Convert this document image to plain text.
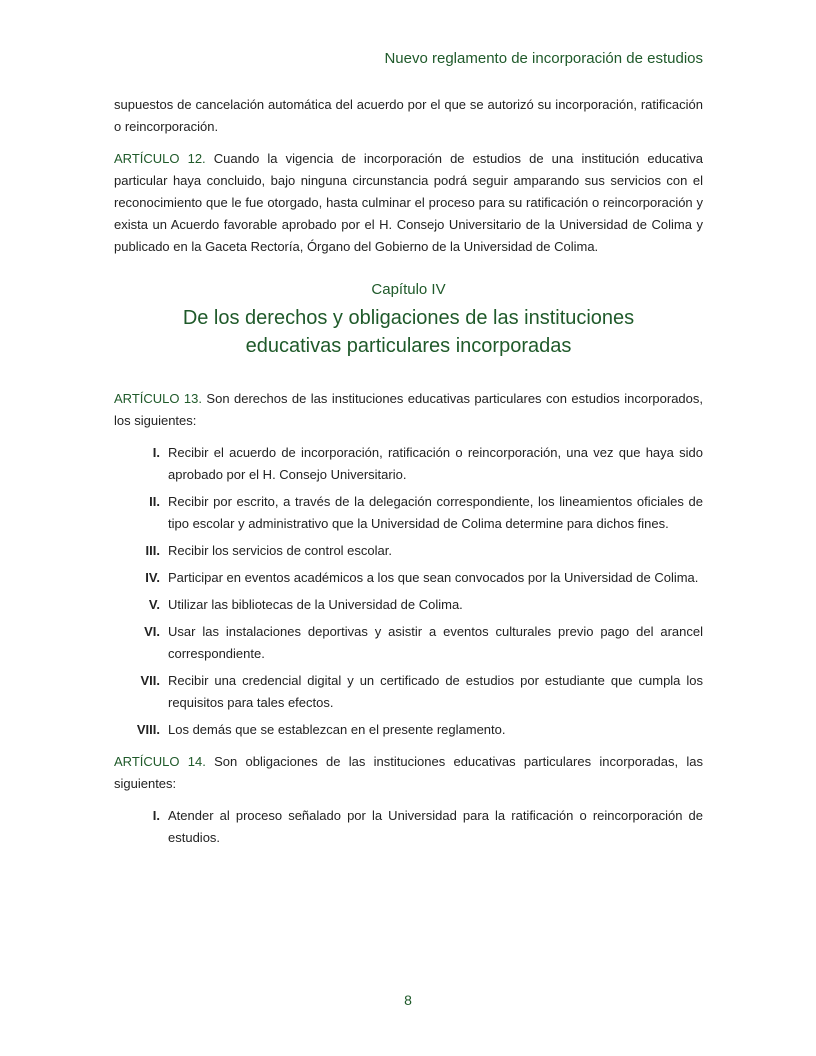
Nuevo reglamento de incorporación de estudios

supuestos de cancelación automática del acuerdo por el que se autorizó su incorporación, ratificación o reincorporación.

ARTÍCULO 12. Cuando la vigencia de incorporación de estudios de una institución educativa particular haya concluido, bajo ninguna circunstancia podrá seguir amparando sus servicios con el reconocimiento que le fue otorgado, hasta culminar el proceso para su ratificación o reincorporación y exista un Acuerdo favorable aprobado por el H. Consejo Universitario de la Universidad de Colima y publicado en la Gaceta Rectoría, Órgano del Gobierno de la Universidad de Colima.

Capítulo IV
De los derechos y obligaciones de las instituciones
educativas particulares incorporadas

ARTÍCULO 13. Son derechos de las instituciones educativas particulares con estudios incorporados, los siguientes:

I. Recibir el acuerdo de incorporación, ratificación o reincorporación, una vez que haya sido aprobado por el H. Consejo Universitario.
II. Recibir por escrito, a través de la delegación correspondiente, los lineamientos oficiales de tipo escolar y administrativo que la Universidad de Colima determine para dichos fines.
III. Recibir los servicios de control escolar.
IV. Participar en eventos académicos a los que sean convocados por la Universidad de Colima.
V. Utilizar las bibliotecas de la Universidad de Colima.
VI. Usar las instalaciones deportivas y asistir a eventos culturales previo pago del arancel correspondiente.
VII. Recibir una credencial digital y un certificado de estudios por estudiante que cumpla los requisitos para tales efectos.
VIII. Los demás que se establezcan en el presente reglamento.

ARTÍCULO 14. Son obligaciones de las instituciones educativas particulares incorporadas, las siguientes:

I. Atender al proceso señalado por la Universidad para la ratificación o reincorporación de estudios.
8
